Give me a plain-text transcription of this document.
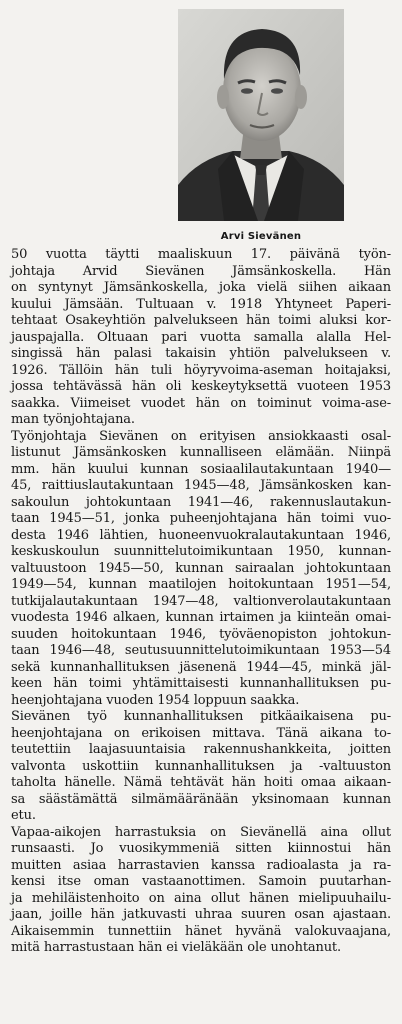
Arvi Sievänen
50 vuotta täytti maaliskuun 17. päivänä työn-
johtaja Arvid Sievänen Jämsänkoskella. Hän
on syntynyt Jämsänkoskella, joka vielä siihen aikaan
kuului Jämsään. Tultuaan v. 1918 Yhtyneet Paperi-
tehtaat Osakeyhtiön palvelukseen hän toimi aluksi kor-
jauspajalla. Oltuaan pari vuotta samalla alalla Hel-
singissä hän palasi takaisin yhtiön palvelukseen v.
1926. Tällöin hän tuli höyryvoima-aseman hoitajaksi,
jossa tehtävässä hän oli keskeytyksettä vuoteen 1953
saakka. Viimeiset vuodet hän on toiminut voima-ase-
man työnjohtajana.
Työnjohtaja Sievänen on erityisen ansiokkaasti osal-
listunut Jämsänkosken kunnalliseen elämään. Niinpä
mm. hän kuului kunnan sosiaalilautakuntaan 1940—
45, raittiuslautakuntaan 1945—48, Jämsänkosken kan-
sakoulun johtokuntaan 1941—46, rakennuslautakun-
taan 1945—51, jonka puheenjohtajana hän toimi vuo-
desta 1946 lähtien, huoneenvuokralautakuntaan 1946,
keskuskoulun suunnittelutoimikuntaan 1950, kunnan-
valtuustoon 1945—50, kunnan sairaalan johtokuntaan
1949—54, kunnan maatilojen hoitokuntaan 1951—54,
tutkijalautakuntaan 1947—48, valtionverolautakuntaan
vuodesta 1946 alkaen, kunnan irtaimen ja kiinteän omai-
suuden hoitokuntaan 1946, työväenopiston johtokun-
taan 1946—48, seutusuunnittelutoimikuntaan 1953—54
sekä kunnanhallituksen jäsenenä 1944—45, minkä jäl-
keen hän toimi yhtämittaisesti kunnanhallituksen pu-
heenjohtajana vuoden 1954 loppuun saakka.
Sievänen työ kunnanhallituksen pitkäaikaisena pu-
heenjohtajana on erikoisen mittava. Tänä aikana to-
teutettiin laajasuuntaisia rakennushankkeita, joitten
valvonta uskottiin kunnanhallituksen ja -valtuuston
taholta hänelle. Nämä tehtävät hän hoiti omaa aikaan-
sa säästämättä silmämääränään yksinomaan kunnan
etu.
Vapaa-aikojen harrastuksia on Sievänellä aina ollut
runsaasti. Jo vuosikymmeniä sitten kiinnostui hän
muitten asiaa harrastavien kanssa radioalasta ja ra-
kensi itse oman vastaanottimen. Samoin puutarhan-
ja mehiläistenhoito on aina ollut hänen mielipuuhailu-
jaan, joille hän jatkuvasti uhraa suuren osan ajastaan.
Aikaisemmin tunnettiin hänet hyvänä valokuvaajana,
mitä harrastustaan hän ei vieläkään ole unohtanut.
